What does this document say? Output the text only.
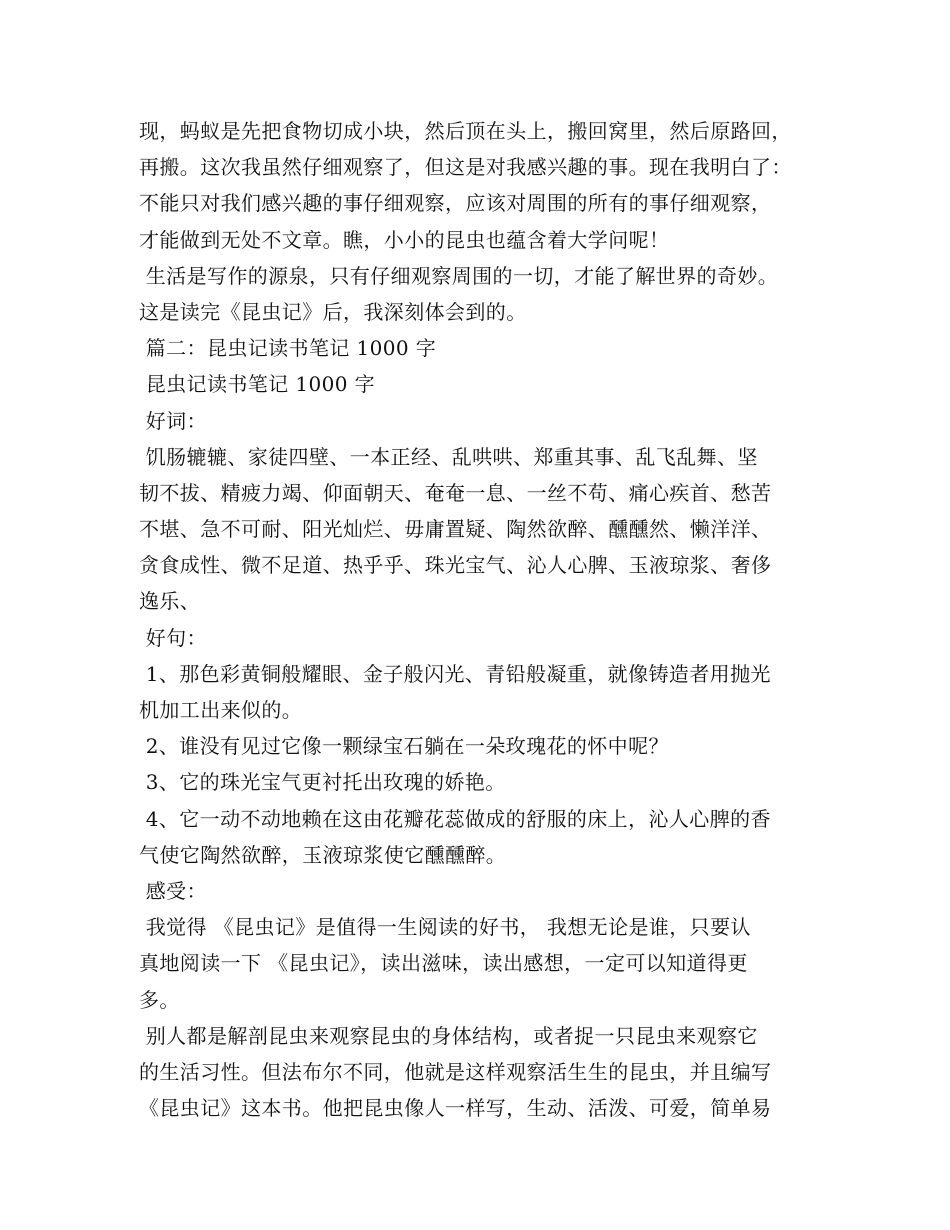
现，蚂蚁是先把食物切成小块，然后顶在头上，搬回窝里，然后原路回，
再搬。这次我虽然仔细观察了，但这是对我感兴趣的事。现在我明白了：
不能只对我们感兴趣的事仔细观察，应该对周围的所有的事仔细观察，
才能做到无处不文章。瞧，小小的昆虫也蕴含着大学问呢！
生活是写作的源泉，只有仔细观察周围的一切，才能了解世界的奇妙。
这是读完《昆虫记》后，我深刻体会到的。
篇二：昆虫记读书笔记 1000 字
昆虫记读书笔记 1000 字
好词：
饥肠辘辘、家徒四壁、一本正经、乱哄哄、郑重其事、乱飞乱舞、坚
韧不拔、精疲力竭、仰面朝天、奄奄一息、一丝不苟、痛心疾首、愁苦
不堪、急不可耐、阳光灿烂、毋庸置疑、陶然欲醉、醺醺然、懒洋洋、
贪食成性、微不足道、热乎乎、珠光宝气、沁人心脾、玉液琼浆、奢侈
逸乐、
好句：
1、那色彩黄铜般耀眼、金子般闪光、青铅般凝重，就像铸造者用抛光
机加工出来似的。
2、谁没有见过它像一颗绿宝石躺在一朵玫瑰花的怀中呢？
3、它的珠光宝气更衬托出玫瑰的娇艳。
4、它一动不动地赖在这由花瓣花蕊做成的舒服的床上，沁人心脾的香
气使它陶然欲醉，玉液琼浆使它醺醺醉。
感受：
我觉得 《昆虫记》是值得一生阅读的好书， 我想无论是谁，只要认
真地阅读一下 《昆虫记》，读出滋味，读出感想，一定可以知道得更
多。
别人都是解剖昆虫来观察昆虫的身体结构，或者捉一只昆虫来观察它
的生活习性。但法布尔不同，他就是这样观察活生生的昆虫，并且编写
《昆虫记》这本书。他把昆虫像人一样写，生动、活泼、可爱，简单易
